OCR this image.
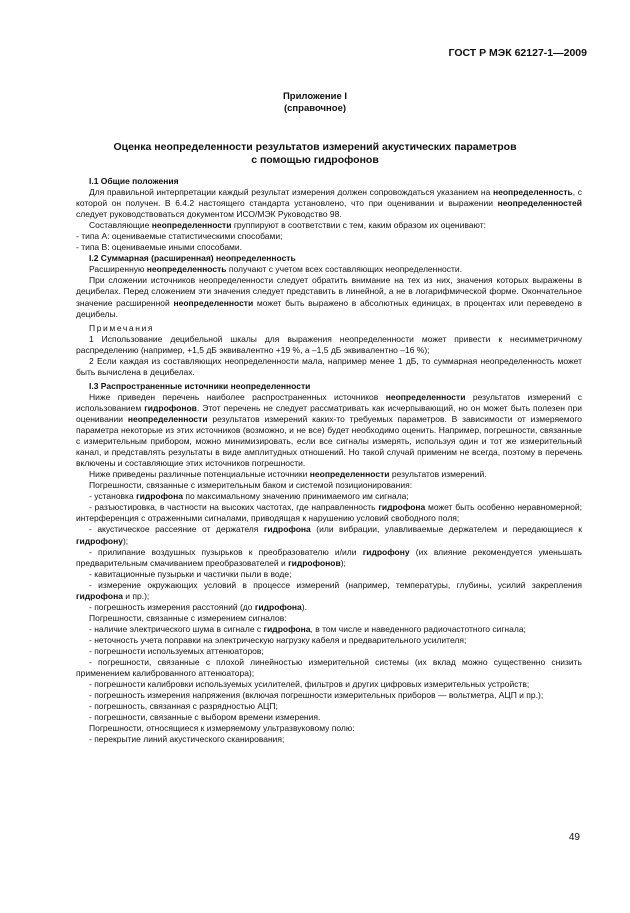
ГОСТ Р МЭК 62127-1—2009
Приложение I
(справочное)
Оценка неопределенности результатов измерений акустических параметров
с помощью гидрофонов

I.1 Общие положения

Для правильной интерпретации каждый результат измерения должен сопровождаться указанием на неопределенность, с которой он получен. В 6.4.2 настоящего стандарта установлено, что при оценивании и выражении неопределенностей следует руководствоваться документом ИСО/МЭК Руководство 98.

Составляющие неопределенности группируют в соответствии с тем, каким образом их оценивают:

- типа А: оцениваемые статистическими способами;

- типа В: оцениваемые иными способами.

I.2 Суммарная (расширенная) неопределенность

Расширенную неопределенность получают с учетом всех составляющих неопределенности.

При сложении источников неопределенности следует обратить внимание на тех из них, значения которых выражены в децибелах. Перед сложением эти значения следует представить в линейной, а не в логарифмической форме. Окончательное значение расширенной неопределенности может быть выражено в абсолютных единицах, в процентах или переведено в децибелы.

Примечания

1 Использование децибельной шкалы для выражения неопределенности может привести к несимметричному распределению (например, +1,5 дБ эквивалентно +19 %, а –1,5 дБ эквивалентно –16 %);

2 Если каждая из составляющих неопределенности мала, например менее 1 дБ, то суммарная неопределенность может быть вычислена в децибелах.

I.3 Распространенные источники неопределенности

Ниже приведен перечень наиболее распространенных источников неопределенности результатов измерений с использованием гидрофонов. Этот перечень не следует рассматривать как исчерпывающий, но он может быть полезен при оценивании неопределенности результатов измерений каких-то требуемых параметров. В зависимости от измеряемого параметра некоторые из этих источников (возможно, и не все) будет необходимо оценить. Например, погрешности, связанные с измерительным прибором, можно минимизировать, если все сигналы измерять, используя один и тот же измерительный канал, и представлять результаты в виде амплитудных отношений. Но такой случай применим не всегда, поэтому в перечень включены и составляющие этих источников погрешности.

Ниже приведены различные потенциальные источники неопределенности результатов измерений.

Погрешности, связанные с измерительным баком и системой позиционирования:

- установка гидрофона по максимальному значению принимаемого им сигнала;

- разъюстировка, в частности на высоких частотах, где направленность гидрофона может быть особенно неравномерной; интерференция с отраженными сигналами, приводящая к нарушению условий свободного поля;

- акустическое рассеяние от держателя гидрофона (или вибрации, улавливаемые держателем и передающиеся к гидрофону);

- прилипание воздушных пузырьков к преобразователю и/или гидрофону (их влияние рекомендуется уменьшать предварительным смачиванием преобразователей и гидрофонов);

- кавитационные пузырьки и частички пыли в воде;

- измерение окружающих условий в процессе измерений (например, температуры, глубины, усилий закрепления гидрофона и пр.);

- погрешность измерения расстояний (до гидрофона).

Погрешности, связанные с измерением сигналов:

- наличие электрического шума в сигнале с гидрофона, в том числе и наведенного радиочастотного сигнала;

- неточность учета поправки на электрическую нагрузку кабеля и предварительного усилителя;

- погрешности используемых аттенюаторов;

- погрешности, связанные с плохой линейностью измерительной системы (их вклад можно существенно снизить применением калиброванного аттенюатора);

- погрешности калибровки используемых усилителей, фильтров и других цифровых измерительных устройств;

- погрешность измерения напряжения (включая погрешности измерительных приборов — вольтметра, АЦП и пр.);

- погрешность, связанная с разрядностью АЦП;

- погрешности, связанные с выбором времени измерения.

Погрешности, относящиеся к измеряемому ультразвуковому полю:

- перекрытие линий акустического сканирования;

49
